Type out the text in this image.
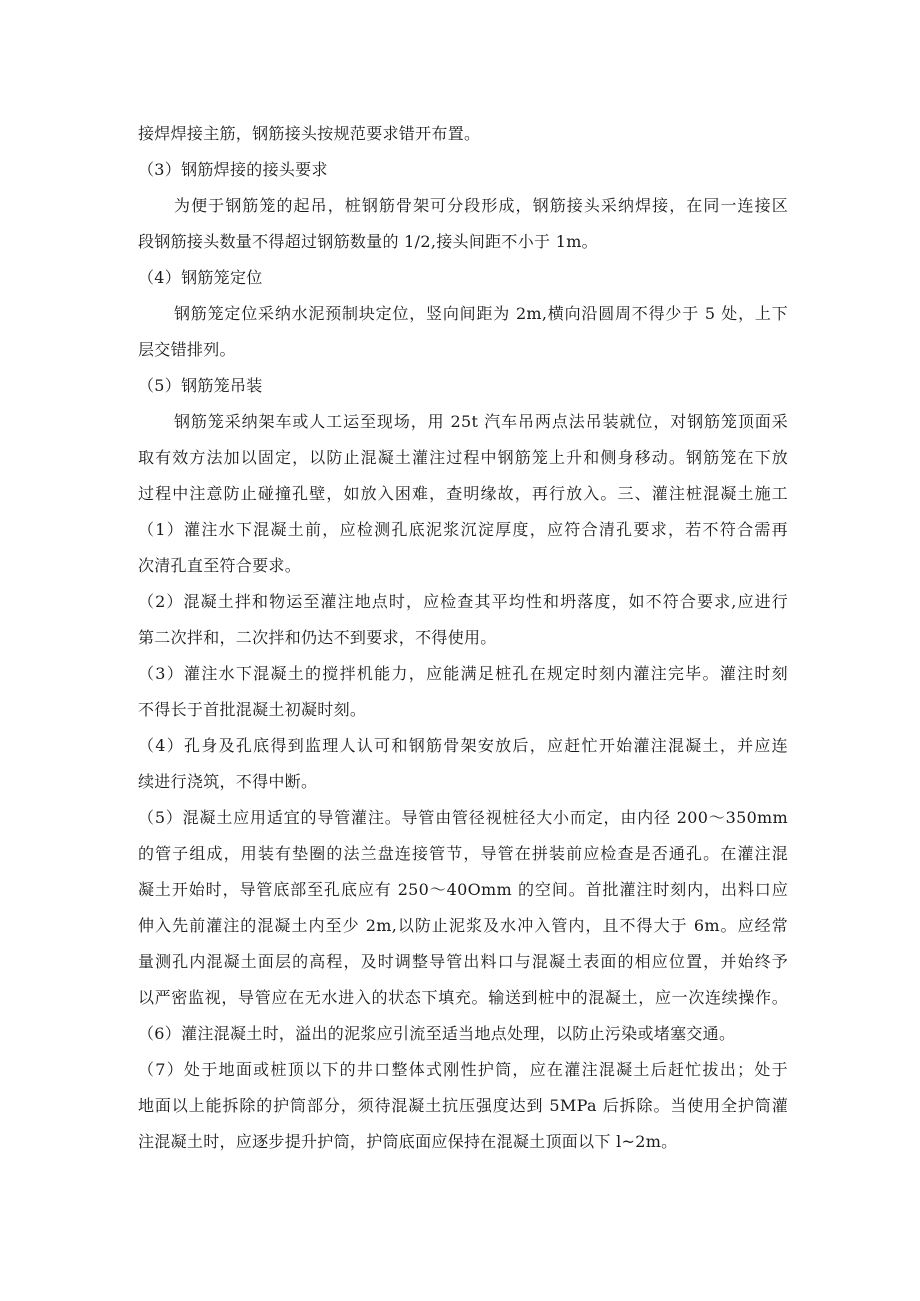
接焊焊接主筋，钢筋接头按规范要求错开布置。
（3）钢筋焊接的接头要求
为便于钢筋笼的起吊，桩钢筋骨架可分段形成，钢筋接头采纳焊接，在同一连接区
段钢筋接头数量不得超过钢筋数量的 1/2,接头间距不小于 1m。
（4）钢筋笼定位
钢筋笼定位采纳水泥预制块定位，竖向间距为 2m,横向沿圆周不得少于 5 处，上下
层交错排列。
（5）钢筋笼吊装
钢筋笼采纳架车或人工运至现场，用 25t 汽车吊两点法吊装就位，对钢筋笼顶面采
取有效方法加以固定，以防止混凝土灌注过程中钢筋笼上升和侧身移动。钢筋笼在下放
过程中注意防止碰撞孔壁，如放入困难，查明缘故，再行放入。三、灌注桩混凝土施工
（1）灌注水下混凝土前，应检测孔底泥浆沉淀厚度，应符合清孔要求，若不符合需再
次清孔直至符合要求。
（2）混凝土拌和物运至灌注地点时，应检查其平均性和坍落度，如不符合要求,应进行
第二次拌和，二次拌和仍达不到要求，不得使用。
（3）灌注水下混凝土的搅拌机能力，应能满足桩孔在规定时刻内灌注完毕。灌注时刻
不得长于首批混凝土初凝时刻。
（4）孔身及孔底得到监理人认可和钢筋骨架安放后，应赶忙开始灌注混凝土，并应连
续进行浇筑，不得中断。
（5）混凝土应用适宜的导管灌注。导管由管径视桩径大小而定，由内径 200～350mm
的管子组成，用装有垫圈的法兰盘连接管节，导管在拼装前应检查是否通孔。在灌注混
凝土开始时，导管底部至孔底应有 250～40Omm 的空间。首批灌注时刻内，出料口应
伸入先前灌注的混凝土内至少 2m,以防止泥浆及水冲入管内，且不得大于 6m。应经常
量测孔内混凝土面层的高程，及时调整导管出料口与混凝土表面的相应位置，并始终予
以严密监视，导管应在无水进入的状态下填充。输送到桩中的混凝土，应一次连续操作。
（6）灌注混凝土时，溢出的泥浆应引流至适当地点处理，以防止污染或堵塞交通。
（7）处于地面或桩顶以下的井口整体式刚性护筒，应在灌注混凝土后赶忙拔出；处于
地面以上能拆除的护筒部分，须待混凝土抗压强度达到 5MPa 后拆除。当使用全护筒灌
注混凝土时，应逐步提升护筒，护筒底面应保持在混凝土顶面以下 l~2m。
